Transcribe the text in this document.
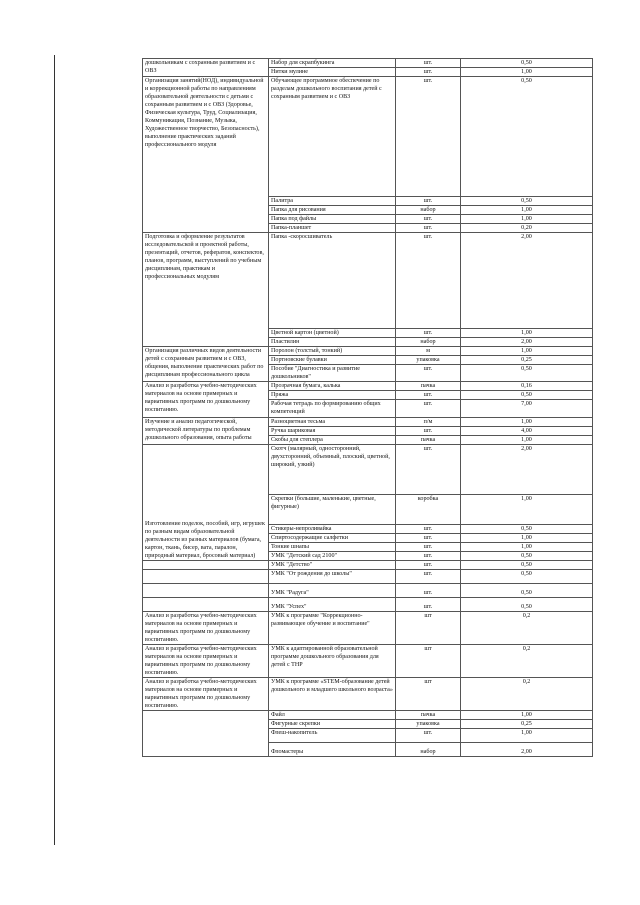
дошкольникам с сохранным развитием и с ОВЗ	Набор для скрапбукинга	шт.	0,50
	Нитки мулине	шт.	1,00
Организация занятий(НОД), индивидуальной и коррекционной работы по направлениям образовательной деятельности с детьми с сохранным развитием и с ОВЗ (Здоровье, Физическая культура, Труд, Социализация, Коммуникация, Познание, Музыка, Художественное творчество, Безопасность), выполнение практических заданий профессионального модуля	Обучающее программное обеспечение по разделам дошкольного воспитания детей с сохранным развитием и с ОВЗ	шт.	0,50
	Палитра	шт.	0,50
	Папка для рисования	набор	1,00
	Папка под файлы	шт.	1,00
	Папка-планшет	шт.	0,20
Подготовка и оформление результатов исследовательской и проектной работы, презентаций, отчетов, рефератов, конспектов, планов, программ, выступлений по учебным дисциплинам, практикам и профессиональных модулям	Папка -скоросшиватель	шт.	2,00
	Цветной картон (цветной)	шт.	1,00
	Пластилин	набор	2,00
Организация различных видов деятельности детей с сохранным развитием и с ОВЗ, общения, выполнение практических работ по дисциплинам профессионального цикла	Поролон (толстый, тонкий)	м	1,00
	Портновские булавки	упаковка	0,25
	Пособие "Диагностика и развитие дошкольников"	шт.	0,50
Анализ и разработка учебно-методических материалов на основе примерных и вариативных программ по дошкольному воспитанию.	Прозрачная бумага, калька	пачка	0,16
	Пряжа	шт.	0,50
	Рабочая тетрадь по формированию общих компетенций	шт.	7,00
Изучение и анализ педагогической, методической литературы по проблемам дошкольного образования, опыта работы	Разноцветная тесьма	п/м	1,00
	Ручка шариковая	шт.	4,00
	Скобы для степлера	пачка	1,00
Изготовление поделок, пособий, игр, игрушек по разным видам образовательной деятельности из разных материалов (бумага, картон, ткань, бисер, вата, паралон, природный материал, бросовый материал)	Скотч (малярный, односторонний, двухсторонний, объемный, плоский, цветной, широкий, узкий)	шт.	2,00
	Скрепки (большие, маленькие, цветные, фигурные)	коробка	1,00
	Стикеры-непроливайка	шт.	0,50
	Спиртосодержащие салфетки	шт.	1,00
	Тонкие шнапы	шт.	1,00
	УМК "Детский сад 2100"	шт.	0,50
	УМК "Детство"	шт.	0,50
	УМК "От рождения до школы"	шт.	0,50
	УМК "Радуга"	шт.	0,50
	УМК "Успех"	шт.	0,50
Анализ и разработка учебно-методических материалов на основе примерных и вариативных программ по дошкольному воспитанию.	УМК к программе "Коррекционно-развивающее обучение и воспитание"	шт	0,2
Анализ и разработка учебно-методических материалов на основе примерных и вариативных программ по дошкольному воспитанию.	УМК к адаптированной образовательной программе дошкольного образования для детей с ТНР	шт	0,2
Анализ и разработка учебно-методических материалов на основе примерных и вариативных программ по дошкольному воспитанию.	УМК к программе «STEM-образование детей дошкольного и младшего школьного возраста»	шт	0,2
	Файл	пачка	1,00
	Фигурные скрепки	упаковка	0,25
	Флеш-накопитель	шт.	1,00
	Фломастеры	набор	2,00
